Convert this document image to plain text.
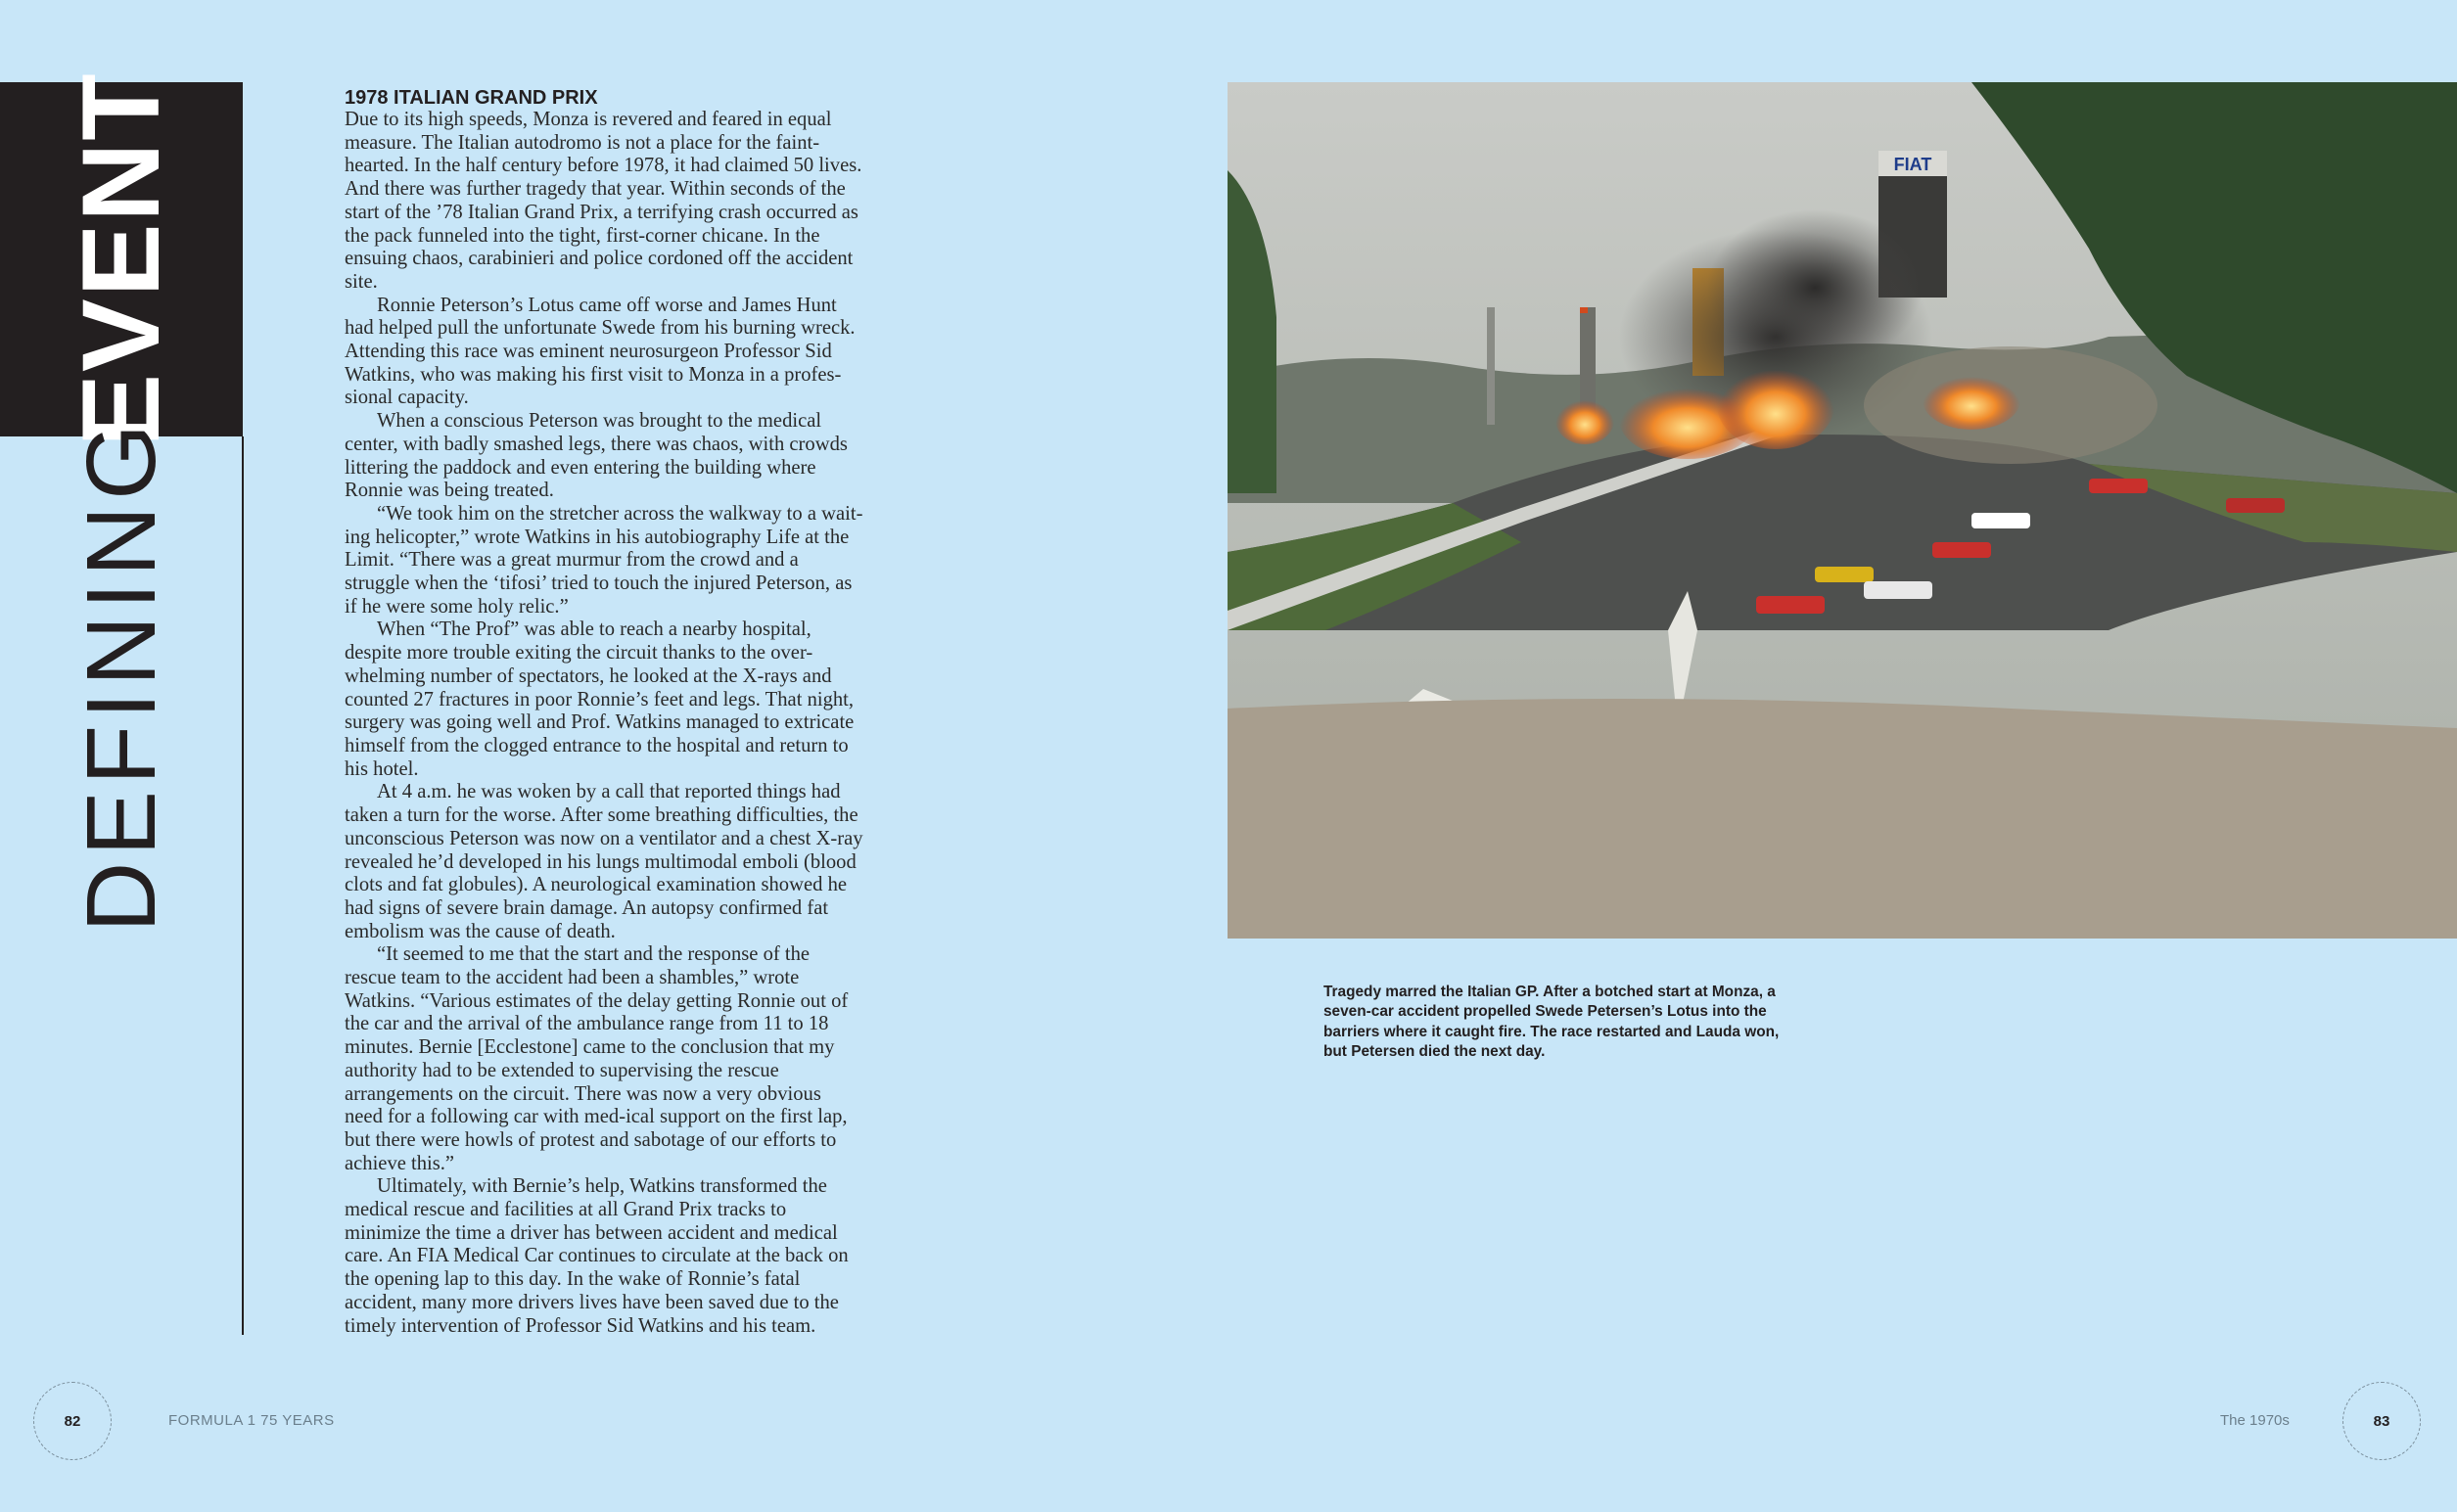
EVENT
DEFINING
1978 ITALIAN GRAND PRIX

Due to its high speeds, Monza is revered and feared in equal measure. The Italian autodromo is not a place for the faint-hearted. In the half century before 1978, it had claimed 50 lives. And there was further tragedy that year. Within seconds of the start of the ’78 Italian Grand Prix, a terrifying crash occurred as the pack funneled into the tight, first-corner chicane. In the ensuing chaos, carabinieri and police cordoned off the accident site.

Ronnie Peterson’s Lotus came off worse and James Hunt had helped pull the unfortunate Swede from his burning wreck. Attending this race was eminent neurosurgeon Professor Sid Watkins, who was making his first visit to Monza in a profes-sional capacity.

When a conscious Peterson was brought to the medical center, with badly smashed legs, there was chaos, with crowds littering the paddock and even entering the building where Ronnie was being treated.

“We took him on the stretcher across the walkway to a wait-ing helicopter,” wrote Watkins in his autobiography Life at the Limit. “There was a great murmur from the crowd and a struggle when the ‘tifosi’ tried to touch the injured Peterson, as if he were some holy relic.”

When “The Prof” was able to reach a nearby hospital, despite more trouble exiting the circuit thanks to the over-whelming number of spectators, he looked at the X-rays and counted 27 fractures in poor Ronnie’s feet and legs. That night, surgery was going well and Prof. Watkins managed to extricate himself from the clogged entrance to the hospital and return to his hotel.

At 4 a.m. he was woken by a call that reported things had taken a turn for the worse. After some breathing difficulties, the unconscious Peterson was now on a ventilator and a chest X-ray revealed he’d developed in his lungs multimodal emboli (blood clots and fat globules). A neurological examination showed he had signs of severe brain damage. An autopsy confirmed fat embolism was the cause of death.

“It seemed to me that the start and the response of the rescue team to the accident had been a shambles,” wrote Watkins. “Various estimates of the delay getting Ronnie out of the car and the arrival of the ambulance range from 11 to 18 minutes. Bernie [Ecclestone] came to the conclusion that my authority had to be extended to supervising the rescue arrangements on the circuit. There was now a very obvious need for a following car with med-ical support on the first lap, but there were howls of protest and sabotage of our efforts to achieve this.”

Ultimately, with Bernie’s help, Watkins transformed the medical rescue and facilities at all Grand Prix tracks to minimize the time a driver has between accident and medical care. An FIA Medical Car continues to circulate at the back on the opening lap to this day. In the wake of Ronnie’s fatal accident, many more drivers lives have been saved due to the timely intervention of Professor Sid Watkins and his team.

FIAT
Tragedy marred the Italian GP. After a botched start at Monza, a seven-car accident propelled Swede Petersen’s Lotus into the barriers where it caught fire. The race restarted and Lauda won, but Petersen died the next day.
82	FORMULA 1 75 YEARS	The 1970s	83
